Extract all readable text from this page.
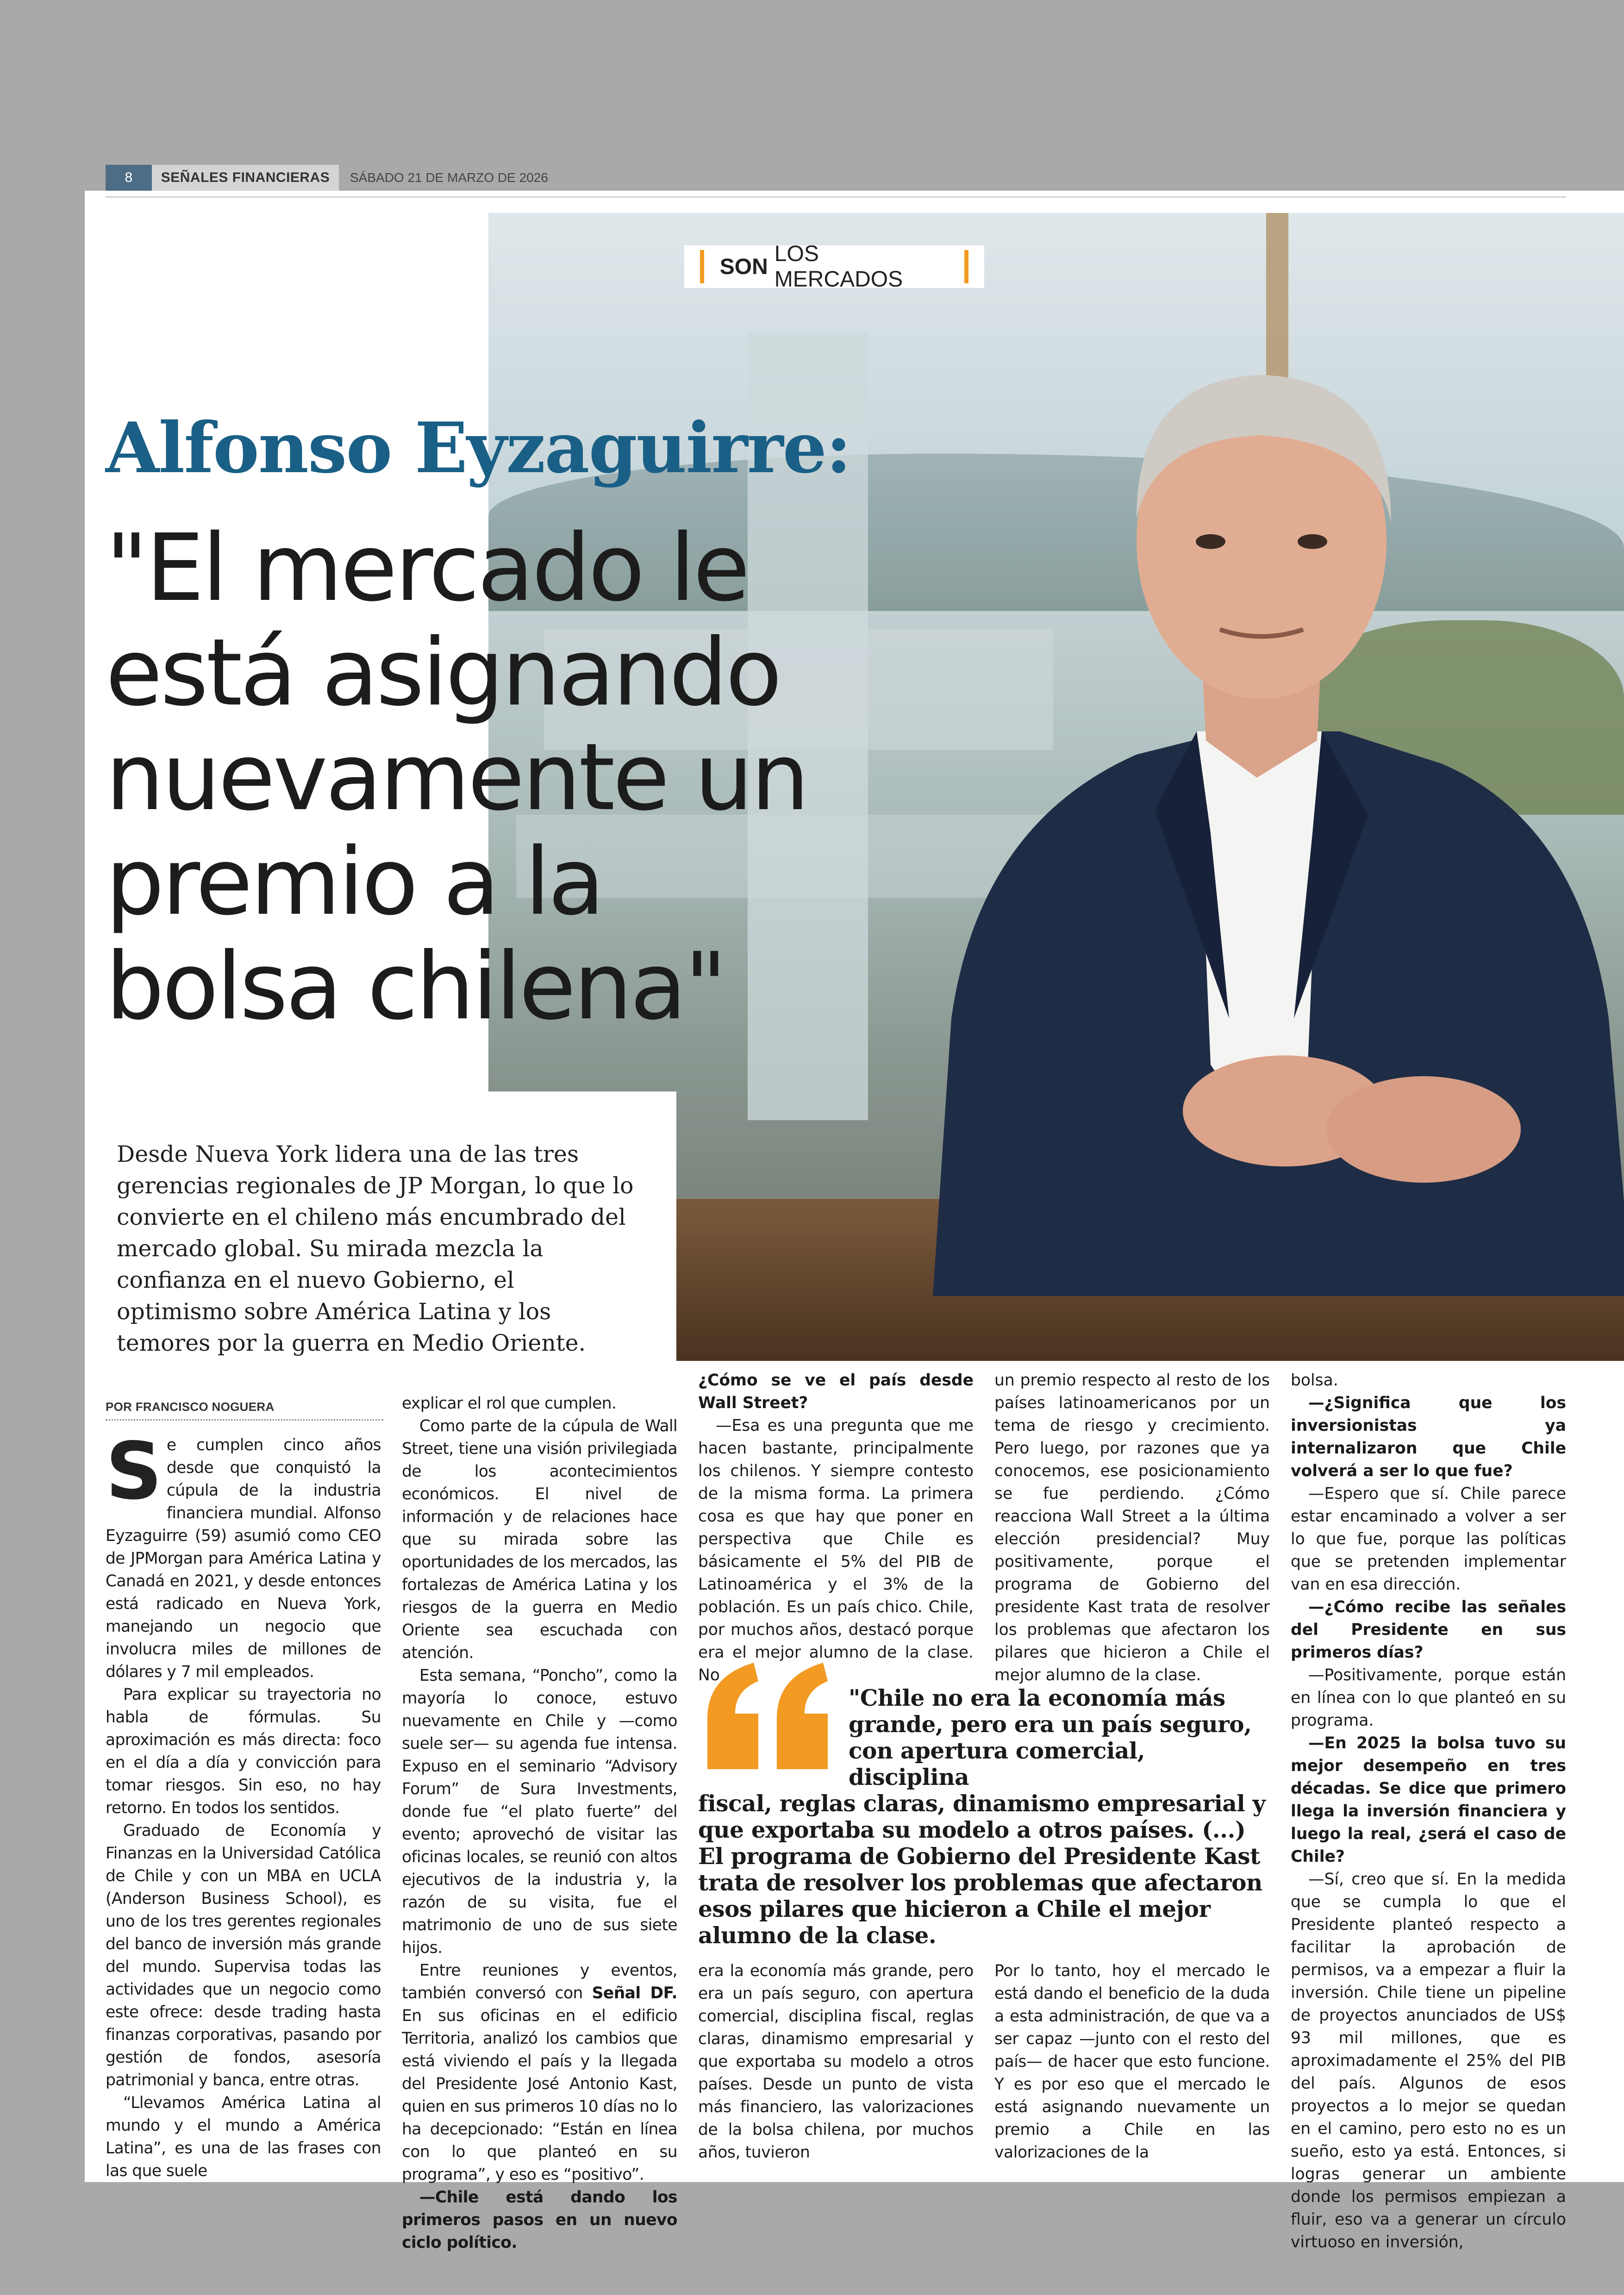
8	SEÑALES FINANCIERAS	SÁBADO 21 DE MARZO DE 2026
SON
LOS MERCADOS
Alfonso Eyzaguirre:
"El mercado le está asignando nuevamente un premio a la bolsa chilena"
Desde Nueva York lidera una de las tres gerencias regionales de JP Morgan, lo que lo convierte en el chileno más encumbrado del mercado global. Su mirada mezcla la confianza en el nuevo Gobierno, el optimismo sobre América Latina y los temores por la guerra en Medio Oriente.
POR FRANCISCO NOGUERA

Se cumplen cinco años desde que conquistó la cúpula de la industria financiera mundial. Alfonso Eyzaguirre (59) asumió como CEO de JPMorgan para América Latina y Canadá en 2021, y desde entonces está radicado en Nueva York, manejando un negocio que involucra miles de millones de dólares y 7 mil empleados.

Para explicar su trayectoria no habla de fórmulas. Su aproximación es más directa: foco en el día a día y convicción para tomar riesgos. Sin eso, no hay retorno. En todos los sentidos.

Graduado de Economía y Finanzas en la Universidad Católica de Chile y con un MBA en UCLA (Anderson Business School), es uno de los tres gerentes regionales del banco de inversión más grande del mundo. Supervisa todas las actividades que un negocio como este ofrece: desde trading hasta finanzas corporativas, pasando por gestión de fondos, asesoría patrimonial y banca, entre otras.

“Llevamos América Latina al mundo y el mundo a América Latina”, es una de las frases con las que suele

explicar el rol que cumplen.

Como parte de la cúpula de Wall Street, tiene una visión privilegiada de los acontecimientos económicos. El nivel de información y de relaciones hace que su mirada sobre las oportunidades de los mercados, las fortalezas de América Latina y los riesgos de la guerra en Medio Oriente sea escuchada con atención.

Esta semana, “Poncho”, como la mayoría lo conoce, estuvo nuevamente en Chile y —como suele ser— su agenda fue intensa. Expuso en el seminario “Advisory Forum” de Sura Investments, donde fue “el plato fuerte” del evento; aprovechó de visitar las oficinas locales, se reunió con altos ejecutivos de la industria y, la razón de su visita, fue el matrimonio de uno de sus siete hijos.

Entre reuniones y eventos, también conversó con Señal DF. En sus oficinas en el edificio Territoria, analizó los cambios que está viviendo el país y la llegada del Presidente José Antonio Kast, quien en sus primeros 10 días no lo ha decepcionado: “Están en línea con lo que planteó en su programa”, y eso es “positivo”.

—Chile está dando los primeros pasos en un nuevo ciclo político.

¿Cómo se ve el país desde Wall Street?

—Esa es una pregunta que me hacen bastante, principalmente los chilenos. Y siempre contesto de la misma forma. La primera cosa es que hay que poner en perspectiva que Chile es básicamente el 5% del PIB de Latinoamérica y el 3% de la población. Es un país chico. Chile, por muchos años, destacó porque era el mejor alumno de la clase. No

un premio respecto al resto de los países latinoamericanos por un tema de riesgo y crecimiento. Pero luego, por razones que ya conocemos, ese posicionamiento se fue perdiendo. ¿Cómo reacciona Wall Street a la última elección presidencial? Muy positivamente, porque el programa de Gobierno del presidente Kast trata de resolver los problemas que afectaron los pilares que hicieron a Chile el mejor alumno de la clase.

"Chile no era la economía más
grande, pero era un país seguro,
con apertura comercial, disciplina
fiscal, reglas claras, dinamismo empresarial y que exportaba su modelo a otros países. (...) El programa de Gobierno del Presidente Kast trata de resolver los problemas que afectaron esos pilares que hicieron a Chile el mejor alumno de la clase.

era la economía más grande, pero era un país seguro, con apertura comercial, disciplina fiscal, reglas claras, dinamismo empresarial y que exportaba su modelo a otros países. Desde un punto de vista más financiero, las valorizaciones de la bolsa chilena, por muchos años, tuvieron

Por lo tanto, hoy el mercado le está dando el beneficio de la duda a esta administración, de que va a ser capaz —junto con el resto del país— de hacer que esto funcione. Y es por eso que el mercado le está asignando nuevamente un premio a Chile en las valorizaciones de la

bolsa.

—¿Significa que los inversionistas ya internalizaron que Chile volverá a ser lo que fue?

—Espero que sí. Chile parece estar encaminado a volver a ser lo que fue, porque las políticas que se pretenden implementar van en esa dirección.

—¿Cómo recibe las señales del Presidente en sus primeros días?

—Positivamente, porque están en línea con lo que planteó en su programa.

—En 2025 la bolsa tuvo su mejor desempeño en tres décadas. Se dice que primero llega la inversión financiera y luego la real, ¿será el caso de Chile?

—Sí, creo que sí. En la medida que se cumpla lo que el Presidente planteó respecto a facilitar la aprobación de permisos, va a empezar a fluir la inversión. Chile tiene un pipeline de proyectos anunciados de US$ 93 mil millones, que es aproximadamente el 25% del PIB del país. Algunos de esos proyectos a lo mejor se quedan en el camino, pero esto no es un sueño, esto ya está. Entonces, si logras generar un ambiente donde los permisos empiezan a fluir, eso va a generar un círculo virtuoso en inversión,
